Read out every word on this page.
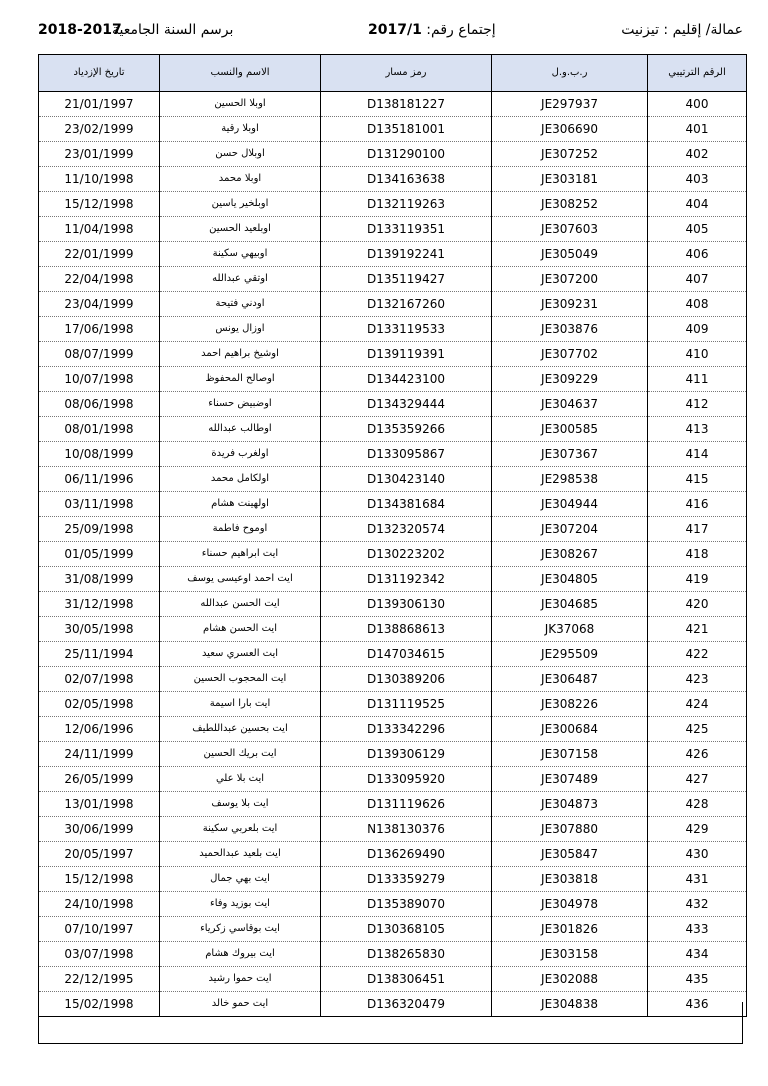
2018-2017
برسم السنة الجامعية	إجتماع رقم: 2017/1	عمالة/ إقليم : تيزنيت
الرقم الترتيبي	ر.ب.و.ل	رمز مسار	الاسم والنسب	تاريخ الإزدياد
400	JE297937	D138181227	اوبلا الحسين	21/01/1997
401	JE306690	D135181001	اوبلا رقية	23/02/1999
402	JE307252	D131290100	اوبلال حسن	23/01/1999
403	JE303181	D134163638	اوبلا محمد	11/10/1998
404	JE308252	D132119263	اوبلخير ياسين	15/12/1998
405	JE307603	D133119351	اوبلعيد الحسين	11/04/1998
406	JE305049	D139192241	اوبيهي سكينة	22/01/1999
407	JE307200	D135119427	اوتقي عبدالله	22/04/1998
408	JE309231	D132167260	اودني فتيحة	23/04/1999
409	JE303876	D133119533	اوزال يونس	17/06/1998
410	JE307702	D139119391	اوشيخ براهيم احمد	08/07/1999
411	JE309229	D134423100	اوصالح المحفوظ	10/07/1998
412	JE304637	D134329444	اوضبيض حسناء	08/06/1998
413	JE300585	D135359266	اوطالب عبدالله	08/01/1998
414	JE307367	D133095867	اولغرب فريدة	10/08/1999
415	JE298538	D130423140	اولكامل محمد	06/11/1996
416	JE304944	D134381684	اولهينت هشام	03/11/1998
417	JE307204	D132320574	اوموح فاطمة	25/09/1998
418	JE308267	D130223202	ايت ابراهيم حسناء	01/05/1999
419	JE304805	D131192342	ايت احمد اوعيسى يوسف	31/08/1999
420	JE304685	D139306130	ايت الحسن عبدالله	31/12/1998
421	JK37068	D138868613	ايت الحسن هشام	30/05/1998
422	JE295509	D147034615	ايت العسري سعيد	25/11/1994
423	JE306487	D130389206	ايت المحجوب الحسين	02/07/1998
424	JE308226	D131119525	ايت بارا اسيمة	02/05/1998
425	JE300684	D133342296	ايت بحسين عبداللطيف	12/06/1996
426	JE307158	D139306129	ايت بريك الحسين	24/11/1999
427	JE307489	D133095920	ايت بلا علي	26/05/1999
428	JE304873	D131119626	ايت بلا يوسف	13/01/1998
429	JE307880	N138130376	ايت بلعربي سكينة	30/06/1999
430	JE305847	D136269490	ايت بلعيد عبدالحميد	20/05/1997
431	JE303818	D133359279	ايت بهي جمال	15/12/1998
432	JE304978	D135389070	ايت بوزيد وفاء	24/10/1998
433	JE301826	D130368105	ايت بوقاسي زكرياء	07/10/1997
434	JE303158	D138265830	ايت بيروك هشام	03/07/1998
435	JE302088	D138306451	ايت حموا رشيد	22/12/1995
436	JE304838	D136320479	ايت حمو خالد	15/02/1998
